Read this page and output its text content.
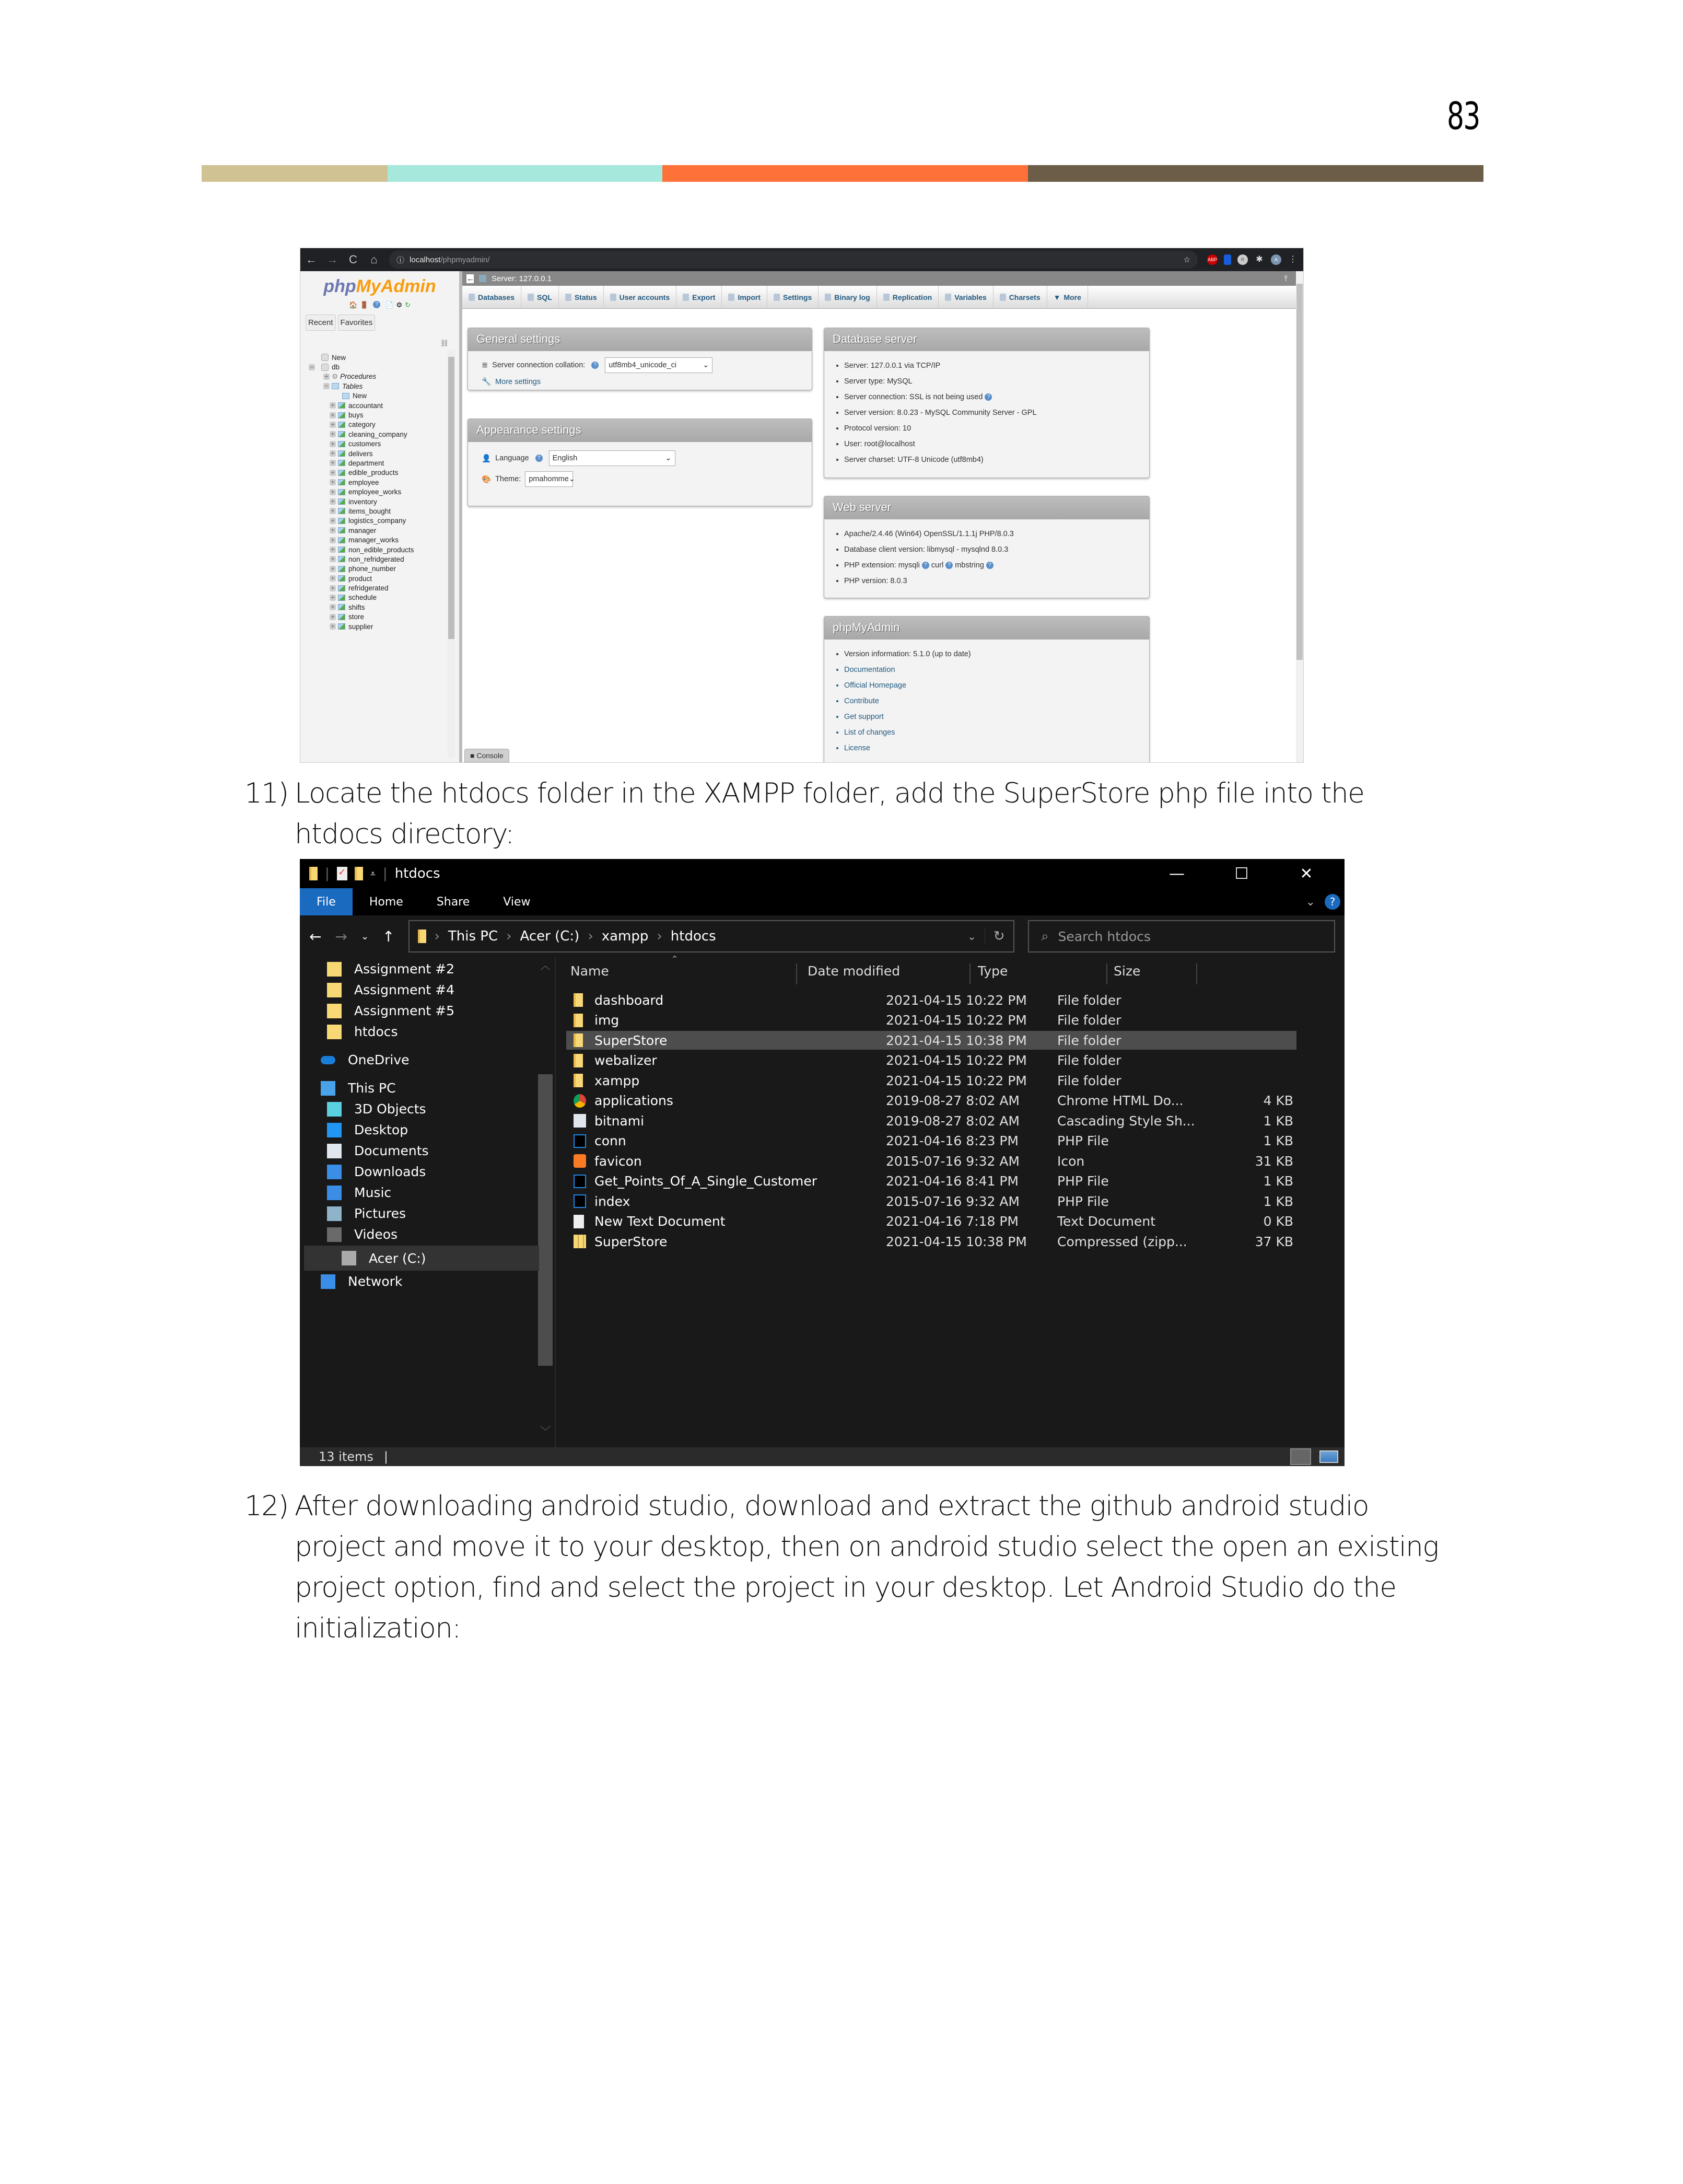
83
← → C ⌂ ⓘ localhost/phpmyadmin/	☆	ABP	R	✱	A	⋮
phpMyAdmin
🏠 🚪	?	📄 ⚙ ↻
Recent Favorites
⛓
New
−	db
+ ⚙ Procedures
− Tables
New
+ accountant
+ buys
+ category
+ cleaning_company
+ customers
+ delivers
+ department
+ edible_products
+ employee
+ employee_works
+ inventory
+ items_bought
+ logistics_company
+ manager
+ manager_works
+ non_edible_products
+ non_refridgerated
+ phone_number
+ product
+ refridgerated
+ schedule
+ shifts
+ store
+ supplier
← Server: 127.0.0.1	⤒
Databases	SQL	Status	User accounts	Export	Import	Settings	Binary log	Replication	Variables	Charsets ▼ More
General settings
≣ Server connection collation:	? utf8mb4_unicode_ci	⌄
🔧 More settings
Appearance settings
👤 Language	? English	⌄
🎨 Theme: pmahomme ⌄
Database server
• Server: 127.0.0.1 via TCP/IP
• Server type: MySQL
• Server connection: SSL is not being used ?
• Server version: 8.0.23 - MySQL Community Server - GPL
• Protocol version: 10
• User: root@localhost
• Server charset: UTF-8 Unicode (utf8mb4)
Web server
• Apache/2.4.46 (Win64) OpenSSL/1.1.1j PHP/8.0.3
• Database client version: libmysql - mysqlnd 8.0.3
• PHP extension: mysqli ? curl ? mbstring ?
• PHP version: 8.0.3
phpMyAdmin
• Version information: 5.1.0 (up to date)
• Documentation
• Official Homepage
• Contribute
• Get support
• List of changes
• License
■ Console
11) Locate the htdocs folder in the XAMPP folder, add the SuperStore php file into the
htdocs directory:
| ✓	⩡ | htdocs	—	☐	✕
File	Home	Share	View	⌄	?
← → ⌄ ↑	› This PC › Acer (C:) › xampp › htdocs	⌄	↻	⌕ Search htdocs
︿
﹀
Assignment #2
Assignment #4
Assignment #5
htdocs
OneDrive
This PC
3D Objects
Desktop
Documents
Downloads
Music
Pictures
Videos
Acer (C:)
Network
⌃
Name	Date modified	Type	Size
dashboard	2021-04-15 10:22 PM File folder
img	2021-04-15 10:22 PM File folder
SuperStore	2021-04-15 10:38 PM File folder
webalizer	2021-04-15 10:22 PM File folder
xampp	2021-04-15 10:22 PM File folder
applications	2019-08-27 8:02 AM	Chrome HTML Do...	4 KB
bitnami	2019-08-27 8:02 AM	Cascading Style Sh...	1 KB
conn	2021-04-16 8:23 PM	PHP File	1 KB
favicon	2015-07-16 9:32 AM	Icon	31 KB
Get_Points_Of_A_Single_Customer	2021-04-16 8:41 PM	PHP File	1 KB
index	2015-07-16 9:32 AM	PHP File	1 KB
New Text Document	2021-04-16 7:18 PM	Text Document	0 KB
SuperStore	2021-04-15 10:38 PM Compressed (zipp...	37 KB
13 items |
12) After downloading android studio, download and extract the github android studio
project and move it to your desktop, then on android studio select the open an existing
project option, find and select the project in your desktop. Let Android Studio do the
initialization:
